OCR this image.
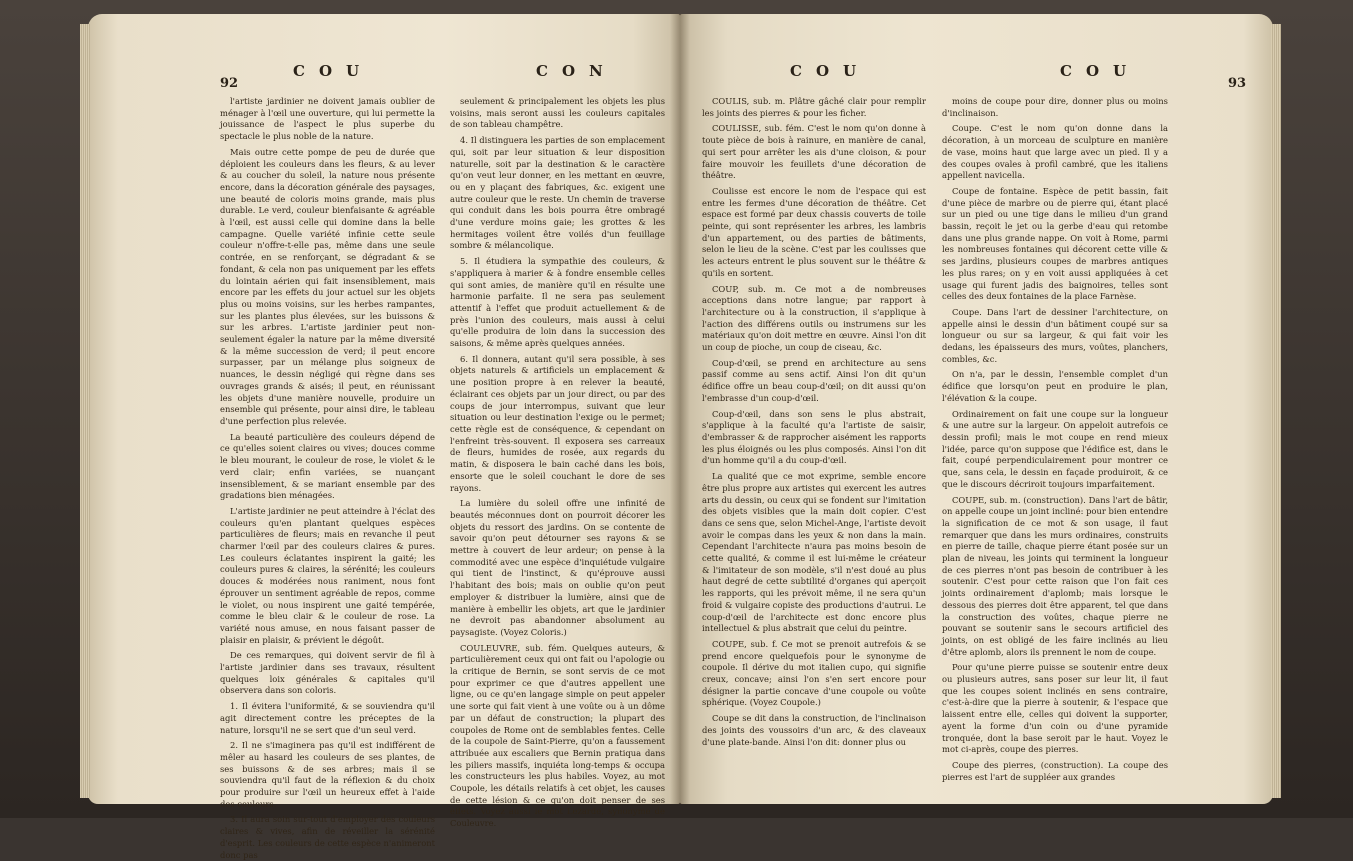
92
COU	CON

l'artiste jardinier ne doivent jamais oublier de ménager à l'œil une ouverture, qui lui permette la jouissance de l'aspect le plus superbe du spectacle le plus noble de la nature.

Mais outre cette pompe de peu de durée que déploient les couleurs dans les fleurs, & au lever & au coucher du soleil, la nature nous présente encore, dans la décoration générale des paysages, une beauté de coloris moins grande, mais plus durable. Le verd, couleur bienfaisante & agréable à l'œil, est aussi celle qui domine dans la belle campagne. Quelle variété infinie cette seule couleur n'offre-t-elle pas, même dans une seule contrée, en se renforçant, se dégradant & se fondant, & cela non pas uniquement par les effets du lointain aérien qui fait insensiblement, mais encore par les effets du jour actuel sur les objets plus ou moins voisins, sur les herbes rampantes, sur les plantes plus élevées, sur les buissons & sur les arbres. L'artiste jardinier peut non-seulement égaler la nature par la même diversité & la même succession de verd; il peut encore surpasser, par un mélange plus soigneux de nuances, le dessin négligé qui règne dans ses ouvrages grands & aisés; il peut, en réunissant les objets d'une manière nouvelle, produire un ensemble qui présente, pour ainsi dire, le tableau d'une perfection plus relevée.

La beauté particulière des couleurs dépend de ce qu'elles soient claires ou vives; douces comme le bleu mourant, le couleur de rose, le violet & le verd clair; enfin variées, se nuançant insensiblement, & se mariant ensemble par des gradations bien ménagées.

L'artiste jardinier ne peut atteindre à l'éclat des couleurs qu'en plantant quelques espèces particulières de fleurs; mais en revanche il peut charmer l'œil par des couleurs claires & pures. Les couleurs éclatantes inspirent la gaité; les couleurs pures & claires, la sérénité; les couleurs douces & modérées nous raniment, nous font éprouver un sentiment agréable de repos, comme le violet, ou nous inspirent une gaité tempérée, comme le bleu clair & le couleur de rose. La variété nous amuse, en nous faisant passer de plaisir en plaisir, & prévient le dégoût.

De ces remarques, qui doivent servir de fil à l'artiste jardinier dans ses travaux, résultent quelques loix générales & capitales qu'il observera dans son coloris.

1. Il évitera l'uniformité, & se souviendra qu'il agit directement contre les préceptes de la nature, lorsqu'il ne se sert que d'un seul verd.

2. Il ne s'imaginera pas qu'il est indifférent de mêler au hasard les couleurs de ses plantes, de ses buissons & de ses arbres; mais il se souviendra qu'il faut de la réflexion & du choix pour produire sur l'œil un heureux effet à l'aide des couleurs.

3. Il aura soin sur-tout d'employer des couleurs claires & vives, afin de réveiller la sérénité d'esprit. Les couleurs de cette espèce n'animeront donc pas

seulement & principalement les objets les plus voisins, mais seront aussi les couleurs capitales de son tableau champêtre.

4. Il distinguera les parties de son emplacement qui, soit par leur situation & leur disposition naturelle, soit par la destination & le caractère qu'on veut leur donner, en les mettant en œuvre, ou en y plaçant des fabriques, &c. exigent une autre couleur que le reste. Un chemin de traverse qui conduit dans les bois pourra être ombragé d'une verdure moins gaie; les grottes & les hermitages voilent être voilés d'un feuillage sombre & mélancolique.

5. Il étudiera la sympathie des couleurs, & s'appliquera à marier & à fondre ensemble celles qui sont amies, de manière qu'il en résulte une harmonie parfaite. Il ne sera pas seulement attentif à l'effet que produit actuellement & de près l'union des couleurs, mais aussi à celui qu'elle produira de loin dans la succession des saisons, & même après quelques années.

6. Il donnera, autant qu'il sera possible, à ses objets naturels & artificiels un emplacement & une position propre à en relever la beauté, éclairant ces objets par un jour direct, ou par des coups de jour interrompus, suivant que leur situation ou leur destination l'exige ou le permet; cette règle est de conséquence, & cependant on l'enfreint très-souvent. Il exposera ses carreaux de fleurs, humides de rosée, aux regards du matin, & disposera le bain caché dans les bois, ensorte que le soleil couchant le dore de ses rayons.

La lumière du soleil offre une infinité de beautés méconnues dont on pourroit décorer les objets du ressort des jardins. On se contente de savoir qu'on peut détourner ses rayons & se mettre à couvert de leur ardeur; on pense à la commodité avec une espèce d'inquiétude vulgaire qui tient de l'instinct, & qu'éprouve aussi l'habitant des bois; mais on oublie qu'on peut employer & distribuer la lumière, ainsi que de manière à embellir les objets, art que le jardinier ne devroit pas abandonner absolument au paysagiste. (Voyez Coloris.)

COULEUVRE, sub. fém. Quelques auteurs, & particulièrement ceux qui ont fait ou l'apologie ou la critique de Bernin, se sont servis de ce mot pour exprimer ce que d'autres appellent une ligne, ou ce qu'en langage simple on peut appeler une sorte qui fait vient à une voûte ou à un dôme par un défaut de construction; la plupart des coupoles de Rome ont de semblables fentes. Celle de la coupole de Saint-Pierre, qu'on a faussement attribuée aux escaliers que Bernin pratiqua dans les piliers massifs, inquiéta long-temps & occupa les constructeurs les plus habiles. Voyez, au mot Coupole, les détails relatifs à cet objet, les causes de cette lésion & ce qu'on doit penser de ses effets. Voyez aussi le mot Lezarde, synonyme de Couleuvre.

COU	COU
93

COULIS, sub. m. Plâtre gâché clair pour remplir les joints des pierres & pour les ficher.

COULISSE, sub. fém. C'est le nom qu'on donne à toute pièce de bois à rainure, en manière de canal, qui sert pour arrêter les ais d'une cloison, & pour faire mouvoir les feuillets d'une décoration de théâtre.

Coulisse est encore le nom de l'espace qui est entre les fermes d'une décoration de théâtre. Cet espace est formé par deux chassis couverts de toile peinte, qui sont représenter les arbres, les lambris d'un appartement, ou des parties de bâtiments, selon le lieu de la scène. C'est par les coulisses que les acteurs entrent le plus souvent sur le théâtre & qu'ils en sortent.

COUP, sub. m. Ce mot a de nombreuses acceptions dans notre langue; par rapport à l'architecture ou à la construction, il s'applique à l'action des différens outils ou instrumens sur les matériaux qu'on doit mettre en œuvre. Ainsi l'on dit un coup de pioche, un coup de ciseau, &c.

Coup-d'œil, se prend en architecture au sens passif comme au sens actif. Ainsi l'on dit qu'un édifice offre un beau coup-d'œil; on dit aussi qu'on l'embrasse d'un coup-d'œil.

Coup-d'œil, dans son sens le plus abstrait, s'applique à la faculté qu'a l'artiste de saisir, d'embrasser & de rapprocher aisément les rapports les plus éloignés ou les plus composés. Ainsi l'on dit d'un homme qu'il a du coup-d'œil.

La qualité que ce mot exprime, semble encore être plus propre aux artistes qui exercent les autres arts du dessin, ou ceux qui se fondent sur l'imitation des objets visibles que la main doit copier. C'est dans ce sens que, selon Michel-Ange, l'artiste devoit avoir le compas dans les yeux & non dans la main. Cependant l'architecte n'aura pas moins besoin de cette qualité, & comme il est lui-même le créateur & l'imitateur de son modèle, s'il n'est doué au plus haut degré de cette subtilité d'organes qui aperçoit les rapports, qui les prévoit même, il ne sera qu'un froid & vulgaire copiste des productions d'autrui. Le coup-d'œil de l'architecte est donc encore plus intellectuel & plus abstrait que celui du peintre.

COUPE, sub. f. Ce mot se prenoit autrefois & se prend encore quelquefois pour le synonyme de coupole. Il dérive du mot italien cupo, qui signifie creux, concave; ainsi l'on s'en sert encore pour désigner la partie concave d'une coupole ou voûte sphérique. (Voyez Coupole.)

Coupe se dit dans la construction, de l'inclinaison des joints des voussoirs d'un arc, & des claveaux d'une plate-bande. Ainsi l'on dit: donner plus ou

moins de coupe pour dire, donner plus ou moins d'inclinaison.

Coupe. C'est le nom qu'on donne dans la décoration, à un morceau de sculpture en manière de vase, moins haut que large avec un pied. Il y a des coupes ovales à profil cambré, que les italiens appellent navicella.

Coupe de fontaine. Espèce de petit bassin, fait d'une pièce de marbre ou de pierre qui, étant placé sur un pied ou une tige dans le milieu d'un grand bassin, reçoit le jet ou la gerbe d'eau qui retombe dans une plus grande nappe. On voit à Rome, parmi les nombreuses fontaines qui décorent cette ville & ses jardins, plusieurs coupes de marbres antiques les plus rares; on y en voit aussi appliquées à cet usage qui furent jadis des baignoires, telles sont celles des deux fontaines de la place Farnèse.

Coupe. Dans l'art de dessiner l'architecture, on appelle ainsi le dessin d'un bâtiment coupé sur sa longueur ou sur sa largeur, & qui fait voir les dedans, les épaisseurs des murs, voûtes, planchers, combles, &c.

On n'a, par le dessin, l'ensemble complet d'un édifice que lorsqu'on peut en produire le plan, l'élévation & la coupe.

Ordinairement on fait une coupe sur la longueur & une autre sur la largeur. On appeloit autrefois ce dessin profil; mais le mot coupe en rend mieux l'idée, parce qu'on suppose que l'édifice est, dans le fait, coupé perpendiculairement pour montrer ce que, sans cela, le dessin en façade produiroit, & ce que le discours décriroit toujours imparfaitement.

COUPE, sub. m. (construction). Dans l'art de bâtir, on appelle coupe un joint incliné: pour bien entendre la signification de ce mot & son usage, il faut remarquer que dans les murs ordinaires, construits en pierre de taille, chaque pierre étant posée sur un plan de niveau, les joints qui terminent la longueur de ces pierres n'ont pas besoin de contribuer à les soutenir. C'est pour cette raison que l'on fait ces joints ordinairement d'aplomb; mais lorsque le dessous des pierres doit être apparent, tel que dans la construction des voûtes, chaque pierre ne pouvant se soutenir sans le secours artificiel des joints, on est obligé de les faire inclinés au lieu d'être aplomb, alors ils prennent le nom de coupe.

Pour qu'une pierre puisse se soutenir entre deux ou plusieurs autres, sans poser sur leur lit, il faut que les coupes soient inclinés en sens contraire, c'est-à-dire que la pierre à soutenir, & l'espace que laissent entre elle, celles qui doivent la supporter, ayent la forme d'un coin ou d'une pyramide tronquée, dont la base seroit par le haut. Voyez le mot ci-après, coupe des pierres.

Coupe des pierres, (construction). La coupe des pierres est l'art de suppléer aux grandes
